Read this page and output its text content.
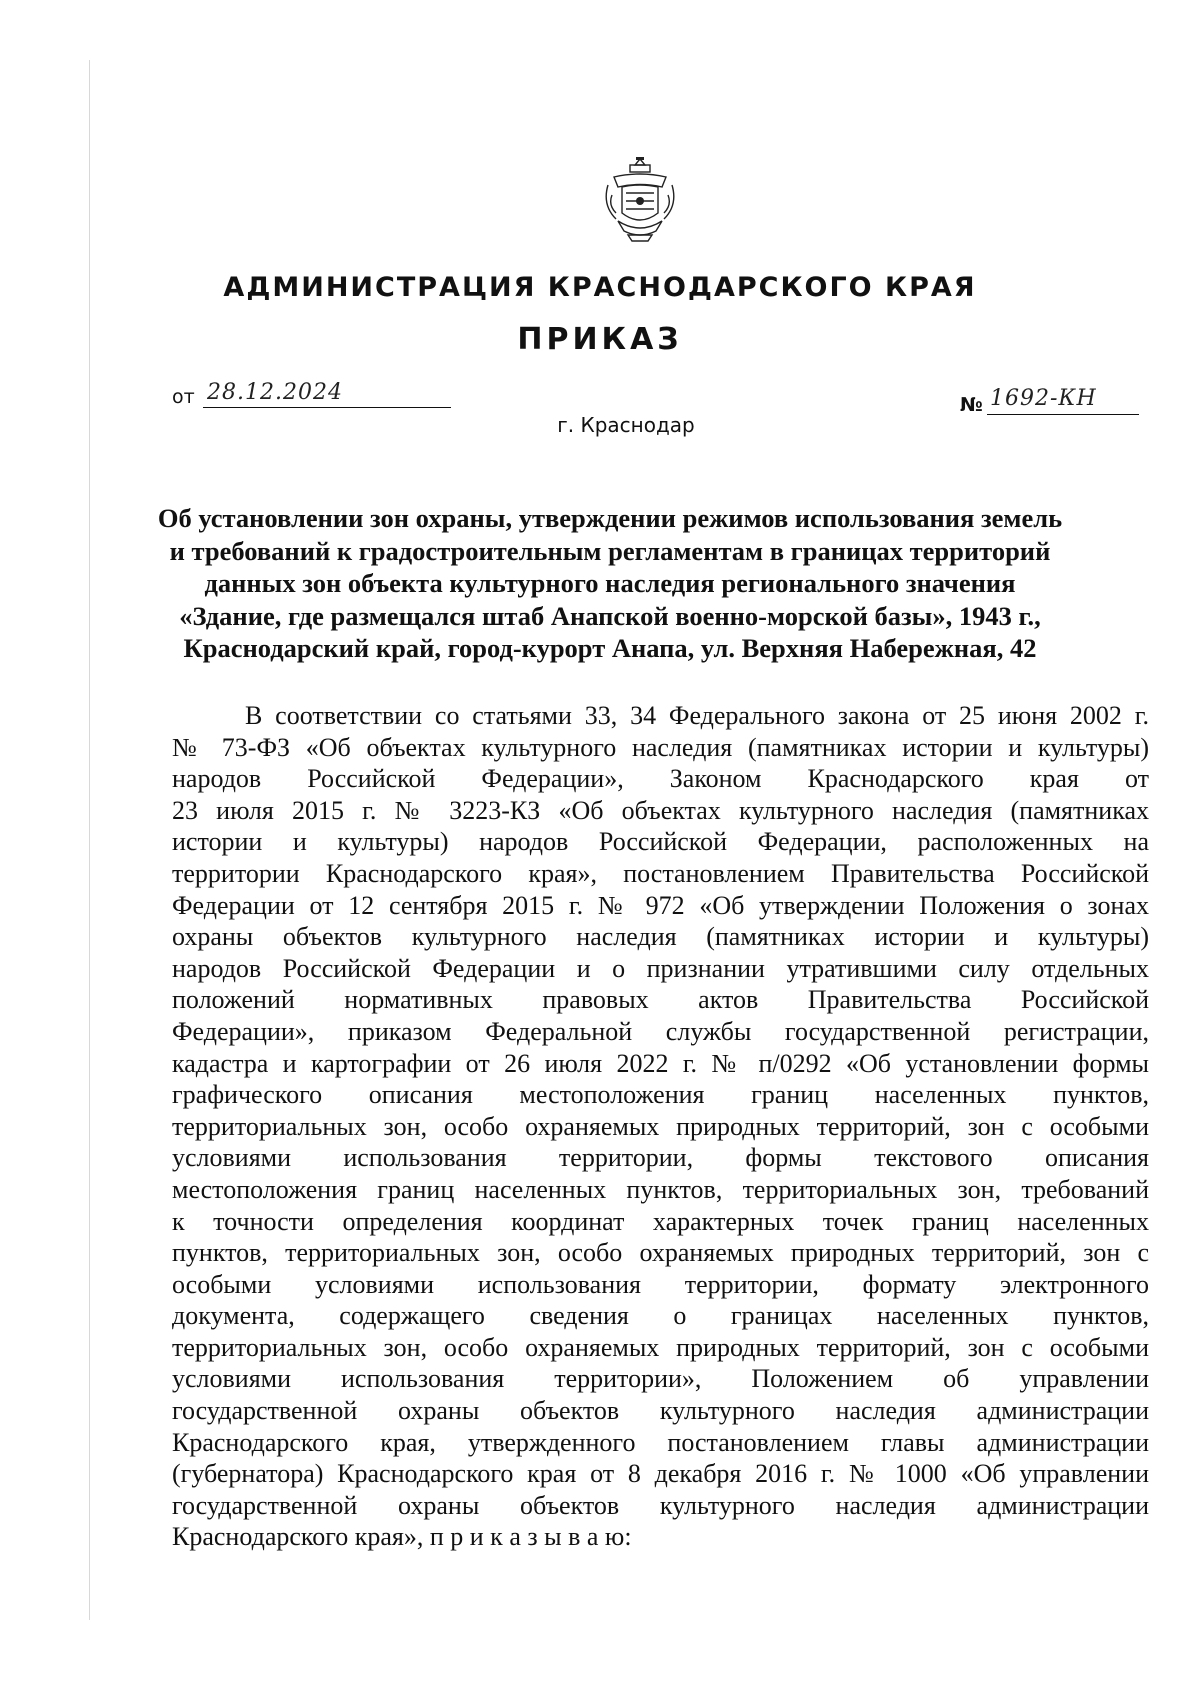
АДМИНИСТРАЦИЯ КРАСНОДАРСКОГО КРАЯ
ПРИКАЗ
от 28.12.2024	№ 1692-КН
г. Краснодар
Об установлении зон охраны, утверждении режимов использования земель
и требований к градостроительным регламентам в границах территорий
данных зон объекта культурного наследия регионального значения
«Здание, где размещался штаб Анапской военно-морской базы», 1943 г.,
Краснодарский край, город-курорт Анапа, ул. Верхняя Набережная, 42
В соответствии со статьями 33, 34 Федерального закона от 25 июня 2002 г.
№ 73-ФЗ «Об объектах культурного наследия (памятниках истории и культуры)
народов Российской Федерации», Законом Краснодарского края от
23 июля 2015 г. № 3223-КЗ «Об объектах культурного наследия (памятниках
истории и культуры) народов Российской Федерации, расположенных на
территории Краснодарского края», постановлением Правительства Российской
Федерации от 12 сентября 2015 г. № 972 «Об утверждении Положения о зонах
охраны объектов культурного наследия (памятниках истории и культуры)
народов Российской Федерации и о признании утратившими силу отдельных
положений нормативных правовых актов Правительства Российской
Федерации», приказом Федеральной службы государственной регистрации,
кадастра и картографии от 26 июля 2022 г. № п/0292 «Об установлении формы
графического описания местоположения границ населенных пунктов,
территориальных зон, особо охраняемых природных территорий, зон с особыми
условиями использования территории, формы текстового описания
местоположения границ населенных пунктов, территориальных зон, требований
к точности определения координат характерных точек границ населенных
пунктов, территориальных зон, особо охраняемых природных территорий, зон с
особыми условиями использования территории, формату электронного
документа, содержащего сведения о границах населенных пунктов,
территориальных зон, особо охраняемых природных территорий, зон с особыми
условиями использования территории», Положением об управлении
государственной охраны объектов культурного наследия администрации
Краснодарского края, утвержденного постановлением главы администрации
(губернатора) Краснодарского края от 8 декабря 2016 г. № 1000 «Об управлении
государственной охраны объектов культурного наследия администрации
Краснодарского края», п р и к а з ы в а ю:
